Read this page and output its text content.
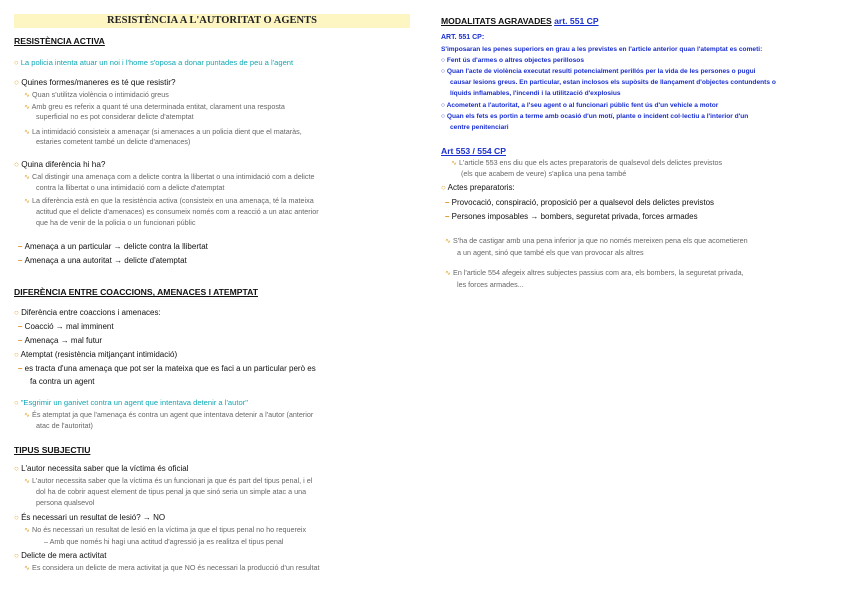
RESISTÈNCIA A L'AUTORITAT O AGENTS
RESISTÈNCIA ACTIVA
○ La policia intenta atuar un noi i l'home s'oposa a donar puntades de peu a l'agent
○ Quines formes/maneres es té que resistir?
∿ Quan s'utilitza violència o intimidació greus
∿ Amb greu es referix a quant té una determinada entitat, clarament una resposta
superficial no es pot considerar delicte d'atemptat
∿ La intimidació consisteix a amenaçar (si amenaces a un policia dient que el mataràs,
estaries cometent també un delicte d'amenaces)
○ Quina diferència hi ha?
∿ Cal distingir una amenaça com a delicte contra la llibertat o una intimidació com a delicte
contra la llibertat o una intimidació com a delicte d'atemptat
∿ La diferència està en que la resistència activa (consisteix en una amenaça, té la mateixa
actitud que el delicte d'amenaces) es consumeix només com a reacció a un atac anterior
que ha de venir de la policia o un funcionari públic
– Amenaça a un particular → delicte contra la llibertat
– Amenaça a una autoritat → delicte d'atemptat
DIFERÈNCIA ENTRE COACCIONS, AMENACES I ATEMPTAT
○ Diferència entre coaccions i amenaces:
– Coacció → mal imminent
– Amenaça → mal futur
○ Atemptat (resistència mitjançant intimidació)
– es tracta d'una amenaça que pot ser la mateixa que es faci a un particular però es
fa contra un agent
○ "Esgrimir un ganivet contra un agent que intentava detenir a l'autor"
∿ És atemptat ja que l'amenaça és contra un agent que intentava detenir a l'autor (anterior
atac de l'autoritat)
TIPUS SUBJECTIU
○ L'autor necessita saber que la víctima és oficial
∿ L'autor necessita saber que la víctima és un funcionari ja que és part del tipus penal, i el
dol ha de cobrir aquest element de tipus penal ja que sinó seria un simple atac a una
persona qualsevol
○ És necessari un resultat de lesió? → NO
∿ No és necessari un resultat de lesió en la víctima ja que el tipus penal no ho requereix
– Amb que només hi hagi una actitud d'agressió ja es realitza el tipus penal
○ Delicte de mera activitat
∿ Es considera un delicte de mera activitat ja que NO és necessari la producció d'un resultat
MODALITATS AGRAVADES art. 551 CP
ART. 551 CP:
S'imposaran les penes superiors en grau a les previstes en l'article anterior quan l'atemptat es cometi:
○ Fent ús d'armes o altres objectes perillosos
○ Quan l'acte de violència executat resulti potencialment perillós per la vida de les persones o pugui
causar lesions greus. En particular, estan inclosos els supòsits de llançament d'objectes contundents o
líquids inflamables, l'incendi i la utilització d'explosius
○ Acometent a l'autoritat, a l'seu agent o al funcionari públic fent ús d'un vehicle a motor
○ Quan els fets es portin a terme amb ocasió d'un motí, plante o incident col·lectiu a l'interior d'un
centre penitenciari
Art 553 / 554 CP
∿ L'article 553 ens diu que els actes preparatoris de qualsevol dels delictes previstos
(els que acabem de veure) s'aplica una pena també
○ Actes preparatoris:
– Provocació, conspiració, proposició per a qualsevol dels delictes previstos
– Persones imposables → bombers, seguretat privada, forces armades
∿ S'ha de castigar amb una pena inferior ja que no només mereixen pena els que acometieren
a un agent, sinó que també els que van provocar als altres
∿ En l'article 554 afegeix altres subjectes passius com ara, els bombers, la seguretat privada,
les forces armades...
